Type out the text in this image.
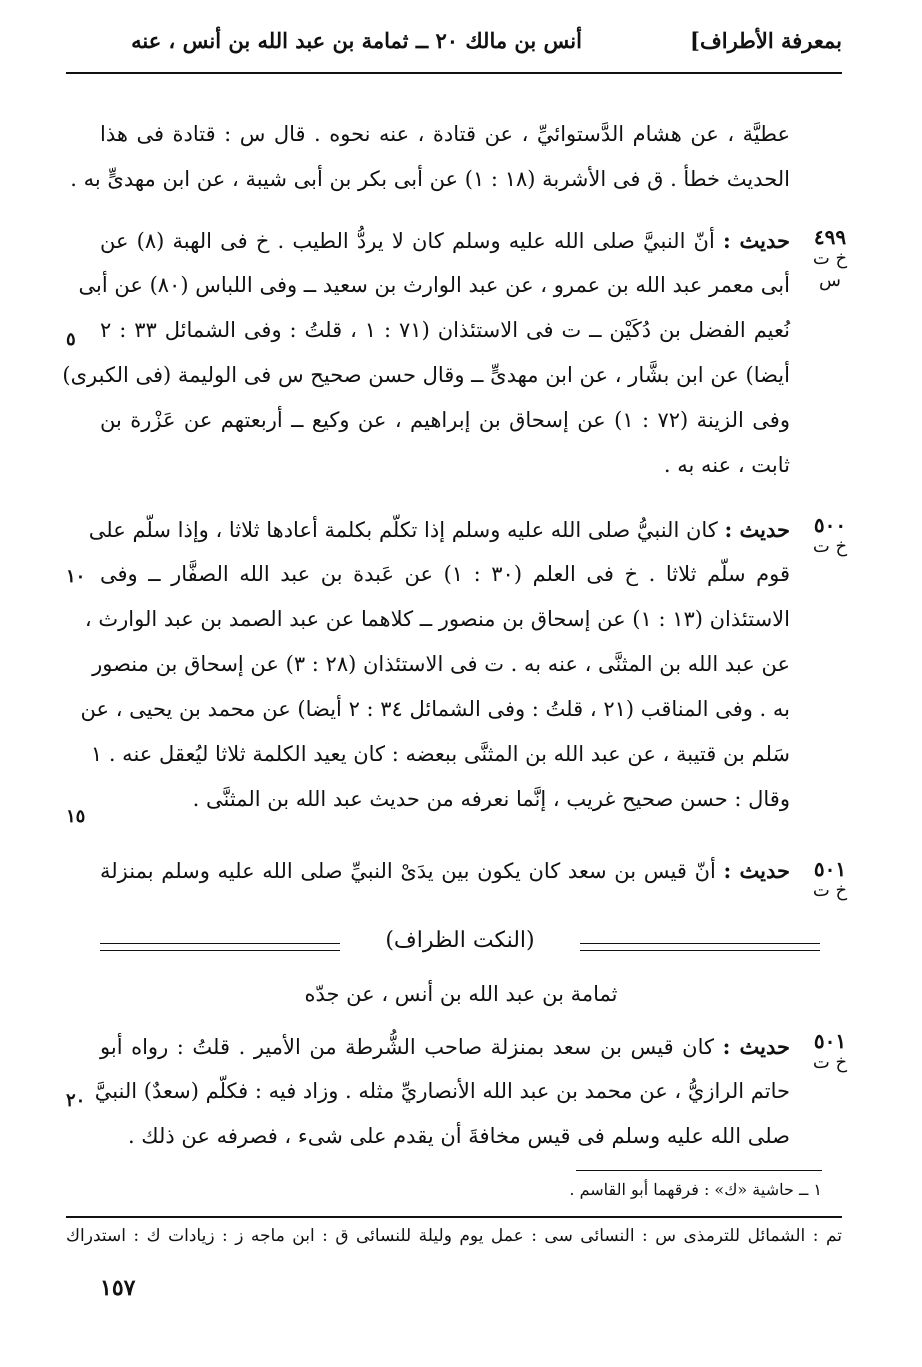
بمعرفة الأطراف]
أنس بن مالك ٢٠ ــ ثمامة بن عبد الله بن أنس ، عنه
عطيَّة ، عن هشام الدَّستوائيِّ ، عن قتادة ، عنه نحوه . قال س : قتادة فى هذا
الحديث خطأ . ق فى الأشربة (١٨ : ١) عن أبى بكر بن أبى شيبة ، عن ابن مهدىٍّ به .
٤٩٩
خ ت س
حديث : أنّ النبيَّ صلى الله عليه وسلم كان لا يردُّ الطيب . خ فى الهبة (٨) عن
أبى معمر عبد الله بن عمرو ، عن عبد الوارث بن سعيد ــ وفى اللباس (٨٠) عن أبى
نُعيم الفضل بن دُكَيْن ــ ت فى الاستئذان (٧١ : ١ ، قلتُ : وفى الشمائل ٣٣ : ٢
أيضا) عن ابن بشَّار ، عن ابن مهدىٍّ ــ وقال حسن صحيح س فى الوليمة (فى الكبرى)
وفى الزينة (٧٢ : ١) عن إسحاق بن إبراهيم ، عن وكيع ــ أربعتهم عن عَزْرة بن
ثابت ، عنه به .
٥
٥٠٠
خ ت
حديث : كان النبيُّ صلى الله عليه وسلم إذا تكلّم بكلمة أعادها ثلاثا ، وإذا سلّم على
قوم سلّم ثلاثا . خ فى العلم (٣٠ : ١) عن عَبدة بن عبد الله الصفَّار ــ وفى
الاستئذان (١٣ : ١) عن إسحاق بن منصور ــ كلاهما عن عبد الصمد بن عبد الوارث ،
عن عبد الله بن المثنَّى ، عنه به . ت فى الاستئذان (٢٨ : ٣) عن إسحاق بن منصور
به . وفى المناقب (٢١ ، قلتُ : وفى الشمائل ٣٤ : ٢ أيضا) عن محمد بن يحيى ، عن
سَلم بن قتيبة ، عن عبد الله بن المثنَّى ببعضه : كان يعيد الكلمة ثلاثا ليُعقل عنه . ١
وقال : حسن صحيح غريب ، إنَّما نعرفه من حديث عبد الله بن المثنَّى .
١٠
١٥
٥٠١
خ ت
حديث : أنّ قيس بن سعد كان يكون بين يدَىْ النبيِّ صلى الله عليه وسلم بمنزلة
(النكت الظراف)
ثمامة بن عبد الله بن أنس ، عن جدّه
٥٠١
خ ت
حديث : كان قيس بن سعد بمنزلة صاحب الشُّرطة من الأمير . قلتُ : رواه أبو
حاتم الرازيُّ ، عن محمد بن عبد الله الأنصاريِّ مثله . وزاد فيه : فكلّم (سعدٌ) النبيَّ
صلى الله عليه وسلم فى قيس مخافةَ أن يقدم على شىء ، فصرفه عن ذلك .
٢٠
١ ــ حاشية «ك» : فرقهما أبو القاسم .
تم : الشمائل للترمذى س : النسائى سى : عمل يوم وليلة للنسائى ق : ابن ماجه ز : زيادات ك : استدراك
١٥٧
